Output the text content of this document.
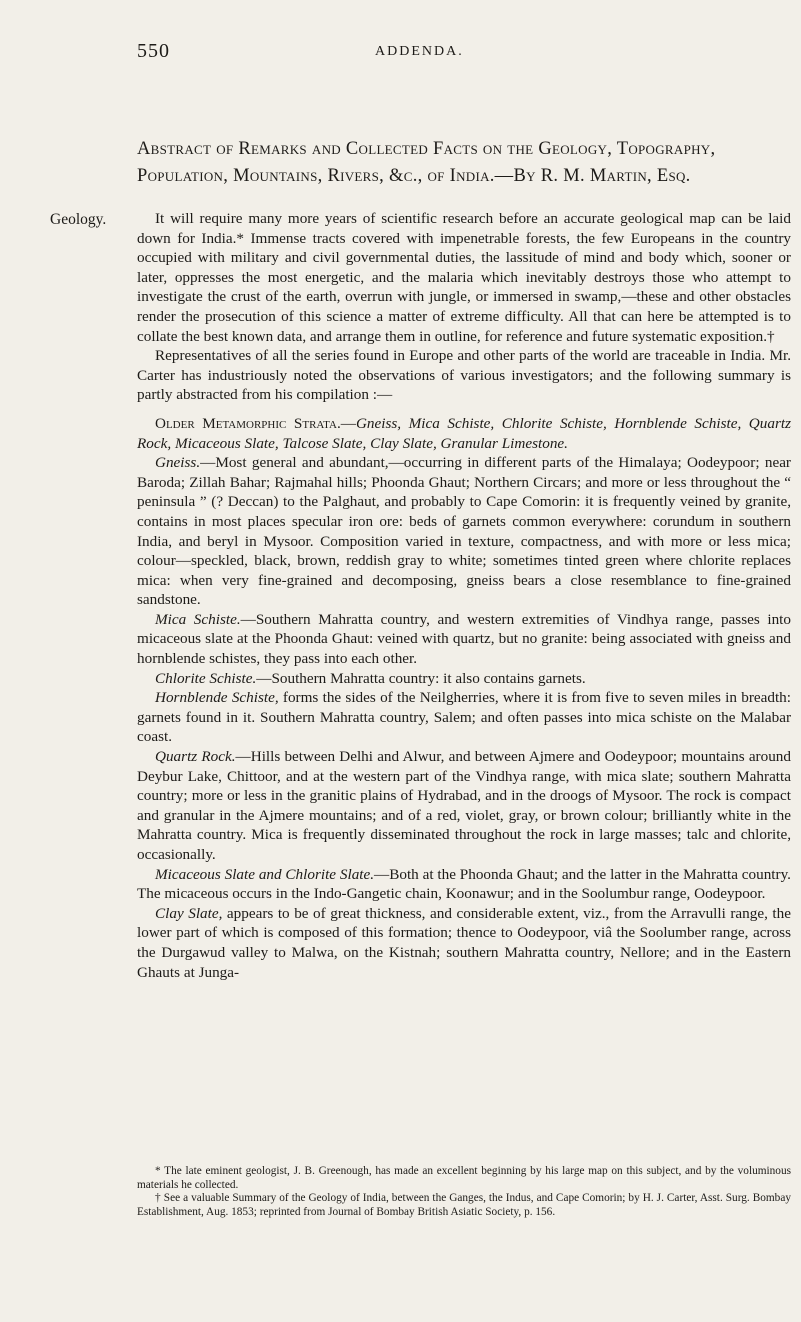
550	ADDENDA.
Abstract of Remarks and Collected Facts on the Geology, Topography, Population, Mountains, Rivers, &c., of India.—By R. M. Martin, Esq.
Geology.	It will require many more years of scientific research before an accurate geological map can be laid down for India.* Immense tracts covered with impenetrable forests, the few Europeans in the country occupied with military and civil governmental duties, the lassitude of mind and body which, sooner or later, oppresses the most energetic, and the malaria which inevitably destroys those who attempt to investigate the crust of the earth, overrun with jungle, or immersed in swamp,—these and other obstacles render the prosecution of this science a matter of extreme difficulty. All that can here be attempted is to collate the best known data, and arrange them in outline, for reference and future systematic exposition.†

Representatives of all the series found in Europe and other parts of the world are traceable in India. Mr. Carter has industriously noted the observations of various investigators; and the following summary is partly abstracted from his compilation :—

Older Metamorphic Strata.—Gneiss, Mica Schiste, Chlorite Schiste, Hornblende Schiste, Quartz Rock, Micaceous Slate, Talcose Slate, Clay Slate, Granular Limestone.

Gneiss.—Most general and abundant,—occurring in different parts of the Himalaya; Oodeypoor; near Baroda; Zillah Bahar; Rajmahal hills; Phoonda Ghaut; Northern Circars; and more or less throughout the “ peninsula ” (? Deccan) to the Palghaut, and probably to Cape Comorin: it is frequently veined by granite, contains in most places specular iron ore: beds of garnets common everywhere: corundum in southern India, and beryl in Mysoor. Composition varied in texture, compactness, and with more or less mica; colour—speckled, black, brown, reddish gray to white; sometimes tinted green where chlorite replaces mica: when very fine-grained and decomposing, gneiss bears a close resemblance to fine-grained sandstone.

Mica Schiste.—Southern Mahratta country, and western extremities of Vindhya range, passes into micaceous slate at the Phoonda Ghaut: veined with quartz, but no granite: being associated with gneiss and hornblende schistes, they pass into each other.

Chlorite Schiste.—Southern Mahratta country: it also contains garnets.

Hornblende Schiste, forms the sides of the Neilgherries, where it is from five to seven miles in breadth: garnets found in it. Southern Mahratta country, Salem; and often passes into mica schiste on the Malabar coast.

Quartz Rock.—Hills between Delhi and Alwur, and between Ajmere and Oodeypoor; mountains around Deybur Lake, Chittoor, and at the western part of the Vindhya range, with mica slate; southern Mahratta country; more or less in the granitic plains of Hydrabad, and in the droogs of Mysoor. The rock is compact and granular in the Ajmere mountains; and of a red, violet, gray, or brown colour; brilliantly white in the Mahratta country. Mica is frequently disseminated throughout the rock in large masses; talc and chlorite, occasionally.

Micaceous Slate and Chlorite Slate.—Both at the Phoonda Ghaut; and the latter in the Mahratta country. The micaceous occurs in the Indo-Gangetic chain, Koonawur; and in the Soolumbur range, Oodeypoor.

Clay Slate, appears to be of great thickness, and considerable extent, viz., from the Arravulli range, the lower part of which is composed of this formation; thence to Oodeypoor, viâ the Soolumber range, across the Durgawud valley to Malwa, on the Kistnah; southern Mahratta country, Nellore; and in the Eastern Ghauts at Junga-

* The late eminent geologist, J. B. Greenough, has made an excellent beginning by his large map on this subject, and by the voluminous materials he collected.

† See a valuable Summary of the Geology of India, between the Ganges, the Indus, and Cape Comorin; by H. J. Carter, Asst. Surg. Bombay Establishment, Aug. 1853; reprinted from Journal of Bombay British Asiatic Society, p. 156.
